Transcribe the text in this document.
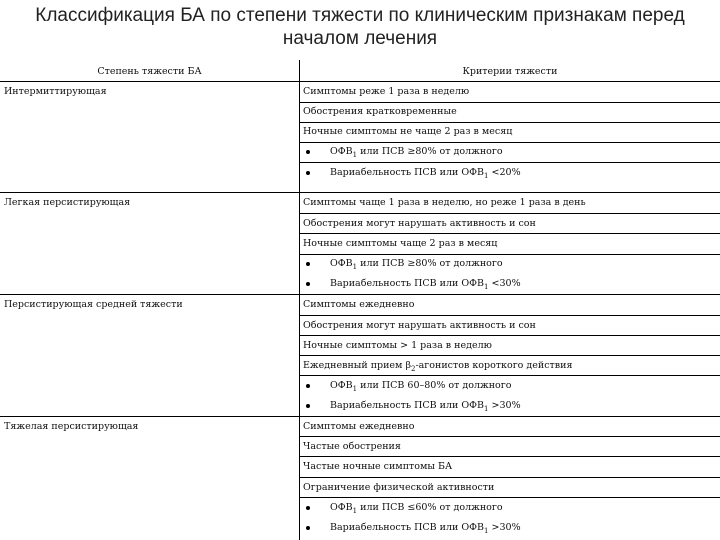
Классификация БА по степени тяжести по клиническим признакам перед началом лечения
Степень тяжести БА	Критерии тяжести
Интермиттирующая	Симптомы реже 1 раза в неделю
Обострения кратковременные
Ночные симптомы не чаще 2 раз в месяц
$ОФВ_1$ или ПСВ ≥80% от должного
Вариабельность ПСВ или $ОФВ_1 <20\%$
Легкая персистирующая	Симптомы чаще 1 раза в неделю, но реже 1 раза в день
Обострения могут нарушать активность и сон
Ночные симптомы чаще 2 раз в месяц
$ОФВ_1$ или ПСВ ≥80% от должного
Вариабельность ПСВ или $ОФВ_1 <30\%$
Персистирующая средней тяжести	Симптомы ежедневно
Обострения могут нарушать активность и сон
Ночные симптомы > 1 раза в неделю
Ежедневный прием $\beta_2$-агонистов короткого действия
$ОФВ_1$ или ПСВ 60–80% от должного
Вариабельность ПСВ или $ОФВ_1 >30\%$
Тяжелая персистирующая	Симптомы ежедневно
Частые обострения
Частые ночные симптомы БА
Ограничение физической активности
$ОФВ_1$ или ПСВ ≤60% от должного
Вариабельность ПСВ или $ОФВ_1 >30\%$
